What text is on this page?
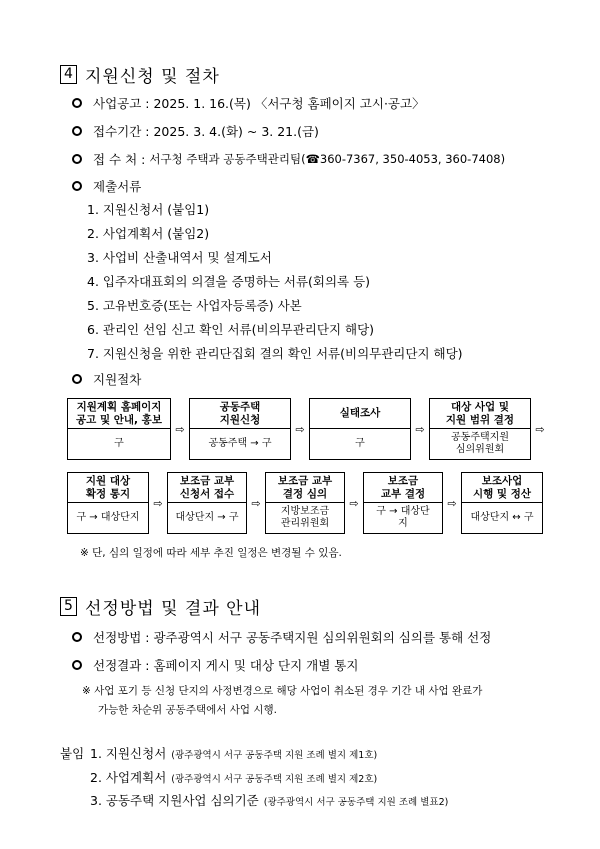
4 지원신청 및 절차
사업공고 :
2025. 1. 16.(목) 〈서구청 홈페이지 고시·공고〉
접수기간 :
2025. 3. 4.(화) ~ 3. 21.(금)
접 수 처 :
서구청 주택과 공동주택관리팀(☎360-7367, 350-4053, 360-7408)
제출서류
1. 지원신청서 (붙임1)
2. 사업계획서 (붙임2)
3. 사업비 산출내역서 및 설계도서
4. 입주자대표회의 의결을 증명하는 서류(회의록 등)
5. 고유번호증(또는 사업자등록증) 사본
6. 관리인 선임 신고 확인 서류(비의무관리단지 해당)
7. 지원신청을 위한 관리단집회 결의 확인 서류(비의무관리단지 해당)
지원절차
지원계획 홈페이지
공고 및 안내, 홍보
구
⇨
공동주택
지원신청
공동주택 → 구
⇨
실태조사
구
⇨
대상 사업 및
지원 범위 결정
공동주택지원
심의위원회
⇨
지원 대상
확정 통지
구 → 대상단지
⇨
보조금 교부
신청서 접수
대상단지 → 구
⇨
보조금 교부
결정 심의
지방보조금
관리위원회
⇨
보조금
교부 결정
구 → 대상단
지
⇨
보조사업
시행 및 정산
대상단지 ↔ 구
※ 단, 심의 일정에 따라 세부 추진 일정은 변경될 수 있음.
5 선정방법 및 결과 안내
선정방법 :
광주광역시 서구 공동주택지원 심의위원회의 심의를 통해 선정
선정결과 :
홈페이지 게시 및 대상 단지 개별 통지
※ 사업 포기 등 신청 단지의 사정변경으로 해당 사업이 취소된 경우 기간 내 사업 완료가
가능한 차순위 공동주택에서 사업 시행.
붙임 1. 지원신청서 (광주광역시 서구 공동주택 지원 조례 별지 제1호)
2. 사업계획서 (광주광역시 서구 공동주택 지원 조례 별지 제2호)
3. 공동주택 지원사업 심의기준 (광주광역시 서구 공동주택 지원 조례 별표2)
